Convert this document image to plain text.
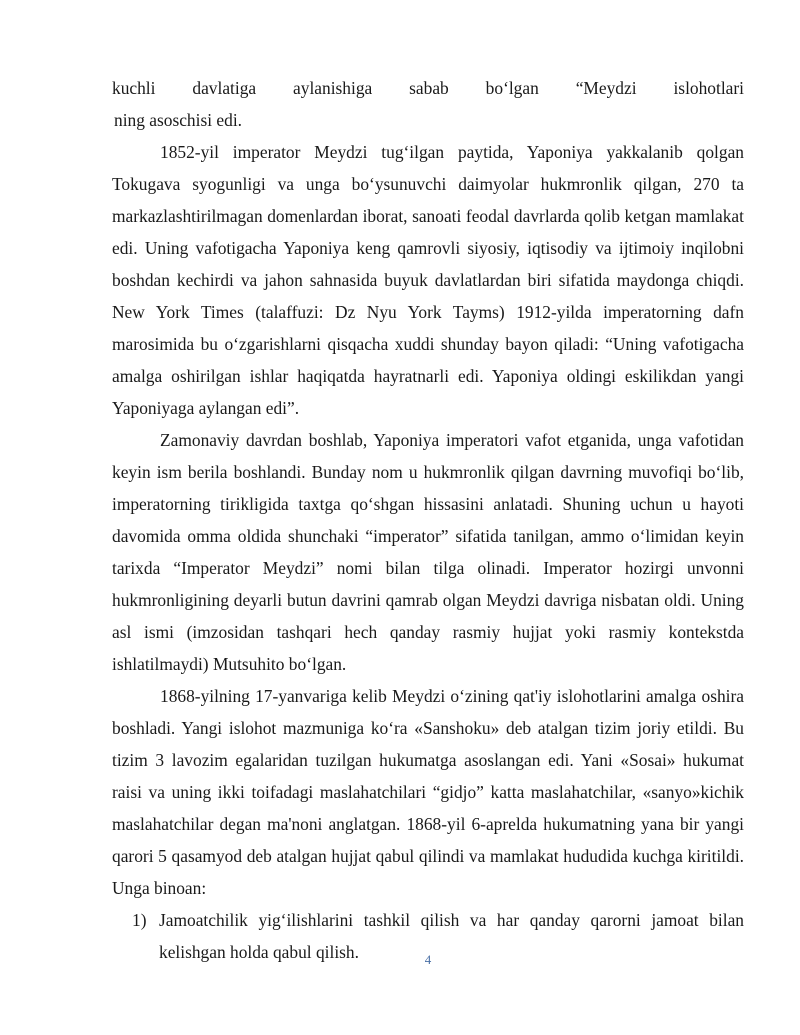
kuchli davlatiga aylanishiga sabab bo‘lgan “Meydzi islohotlari

ning asoschisi edi.

1852-yil imperator Meydzi tug‘ilgan paytida, Yaponiya yakkalanib qolgan Tokugava syogunligi va unga bo‘ysunuvchi daimyolar hukmronlik qilgan, 270 ta markazlashtirilmagan domenlardan iborat, sanoati feodal davrlarda qolib ketgan mamlakat edi. Uning vafotigacha Yaponiya keng qamrovli siyosiy, iqtisodiy va ijtimoiy inqilobni boshdan kechirdi va jahon sahnasida buyuk davlatlardan biri sifatida maydonga chiqdi. New York Times (talaffuzi: Dz Nyu York Tayms) 1912-yilda imperatorning dafn marosimida bu o‘zgarishlarni qisqacha xuddi shunday bayon qiladi: “Uning vafotigacha amalga oshirilgan ishlar haqiqatda hayratnarli edi. Yaponiya oldingi eskilikdan yangi Yaponiyaga aylangan edi”.

Zamonaviy davrdan boshlab, Yaponiya imperatori vafot etganida, unga vafotidan keyin ism berila boshlandi. Bunday nom u hukmronlik qilgan davrning muvofiqi bo‘lib, imperatorning tirikligida taxtga qo‘shgan hissasini anlatadi. Shuning uchun u hayoti davomida omma oldida shunchaki “imperator” sifatida tanilgan, ammo o‘limidan keyin tarixda “Imperator Meydzi” nomi bilan tilga olinadi. Imperator hozirgi unvonni hukmronligining deyarli butun davrini qamrab olgan Meydzi davriga nisbatan oldi. Uning asl ismi (imzosidan tashqari hech qanday rasmiy hujjat yoki rasmiy kontekstda ishlatilmaydi) Mutsuhito bo‘lgan.

1868-yilning 17-yanvariga kelib Meydzi o‘zining qat'iy islohotlarini amalga oshira boshladi. Yangi islohot mazmuniga ko‘ra «Sanshoku» deb atalgan tizim joriy etildi. Bu tizim 3 lavozim egalaridan tuzilgan hukumatga asoslangan edi. Yani «Sosai» hukumat raisi va uning ikki toifadagi maslahatchilari “gidjo” katta maslahatchilar, «sanyo»kichik maslahatchilar degan ma'noni anglatgan. 1868-yil 6-aprelda hukumatning yana bir yangi qarori 5 qasamyod deb atalgan hujjat qabul qilindi va mamlakat hududida kuchga kiritildi. Unga binoan:

1) Jamoatchilik yig‘ilishlarini tashkil qilish va har qanday qarorni jamoat bilan kelishgan holda qabul qilish.	4
